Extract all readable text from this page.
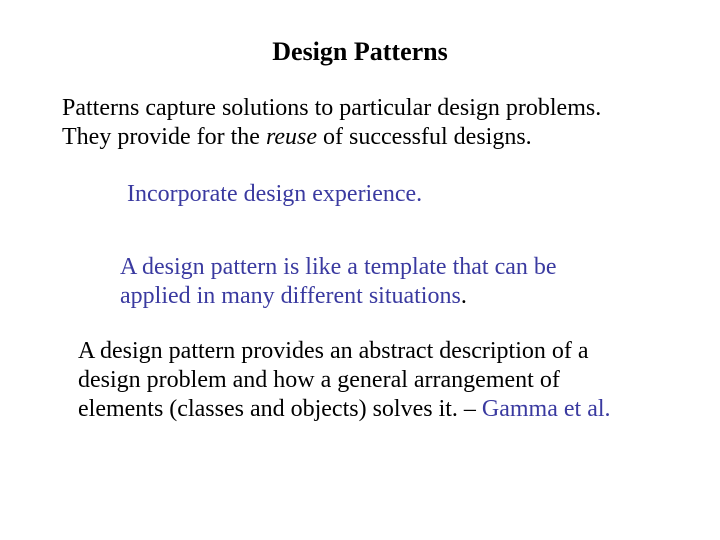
Design Patterns
Patterns capture solutions to particular design problems.
They provide for the reuse of successful designs.
Incorporate design experience.
A design pattern is like a template that can be
applied in many different situations.
A design pattern provides an abstract description of a
design problem and how a general arrangement of
elements (classes and objects) solves it. – Gamma et al.
